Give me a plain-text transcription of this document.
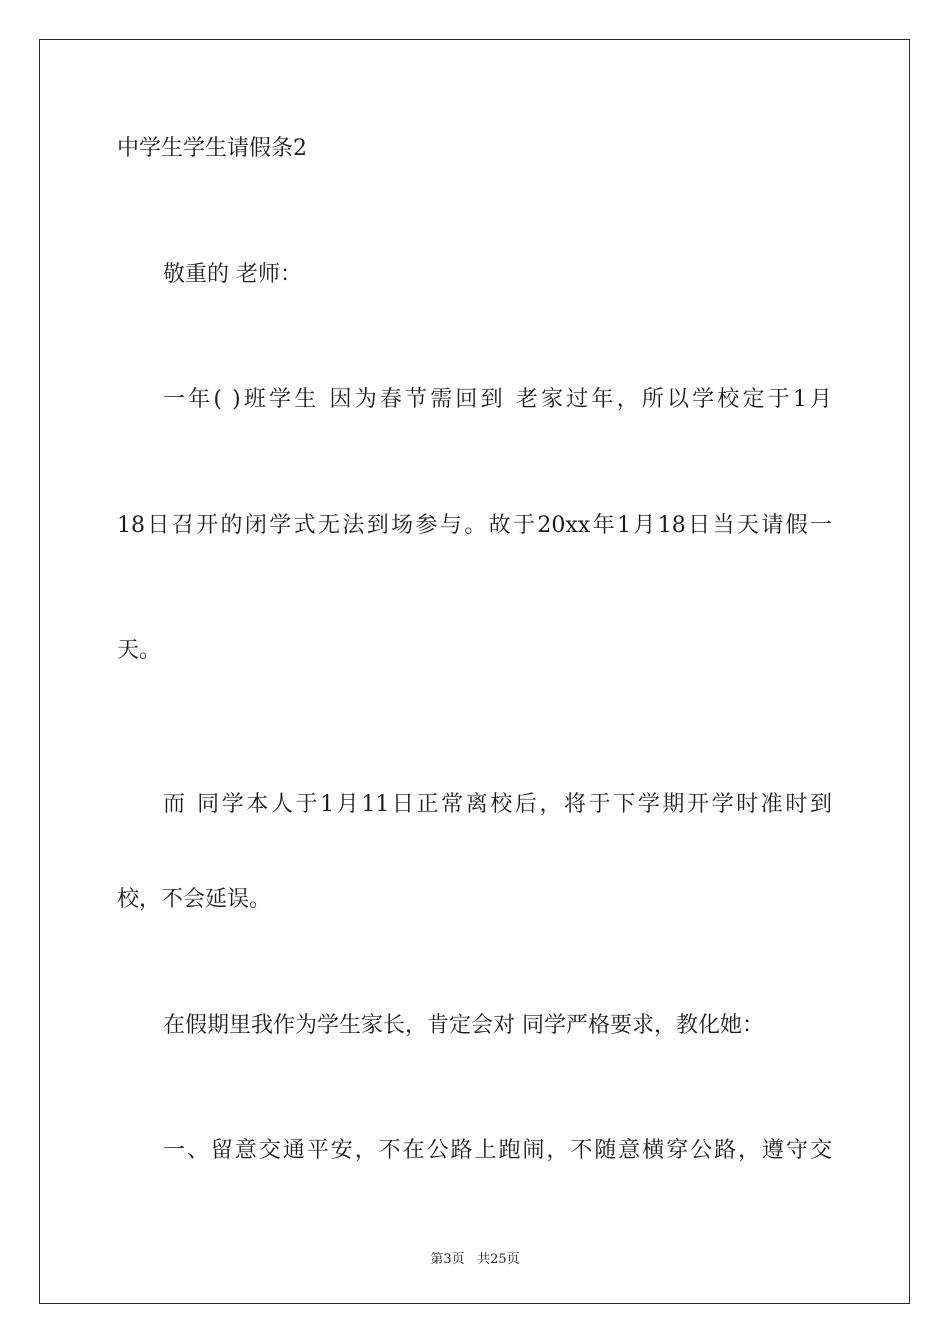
中学生学生请假条2
敬重的 老师：
一年( )班学生 因为春节需回到 老家过年，所以学校定于1月
18日召开的闭学式无法到场参与。故于20xx年1月18日当天请假一
天。
而 同学本人于1月11日正常离校后，将于下学期开学时准时到
校，不会延误。
在假期里我作为学生家长，肯定会对 同学严格要求，教化她：
一、留意交通平安，不在公路上跑闹，不随意横穿公路，遵守交
第3页 共25页
